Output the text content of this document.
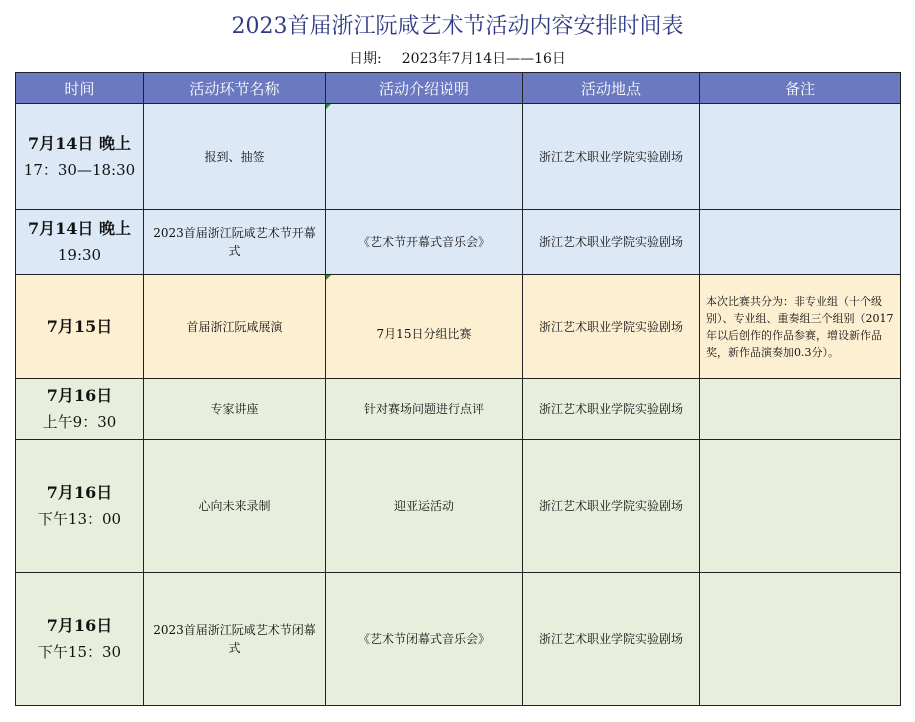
2023首届浙江阮咸艺术节活动内容安排时间表
日期: 2023年7月14日——16日
时间	活动环节名称	活动介绍说明	活动地点	备注

7月14日 晚上
17：30—18:30	报到、抽签		浙江艺术职业学院实验剧场	

7月14日 晚上
19:30	2023首届浙江阮咸艺术节开幕式	《艺术节开幕式音乐会》	浙江艺术职业学院实验剧场	

7月15日	首届浙江阮咸展演	7月15日分组比赛	浙江艺术职业学院实验剧场	本次比赛共分为：非专业组（十个级别）、专业组、重奏组三个组别（2017年以后创作的作品参赛，增设新作品奖，新作品演奏加0.3分）。

7月16日
上午9：30	专家讲座	针对赛场问题进行点评	浙江艺术职业学院实验剧场	

7月16日
下午13：00	心向未来录制	迎亚运活动	浙江艺术职业学院实验剧场	

7月16日
下午15：30	2023首届浙江阮咸艺术节闭幕式	《艺术节闭幕式音乐会》	浙江艺术职业学院实验剧场	
